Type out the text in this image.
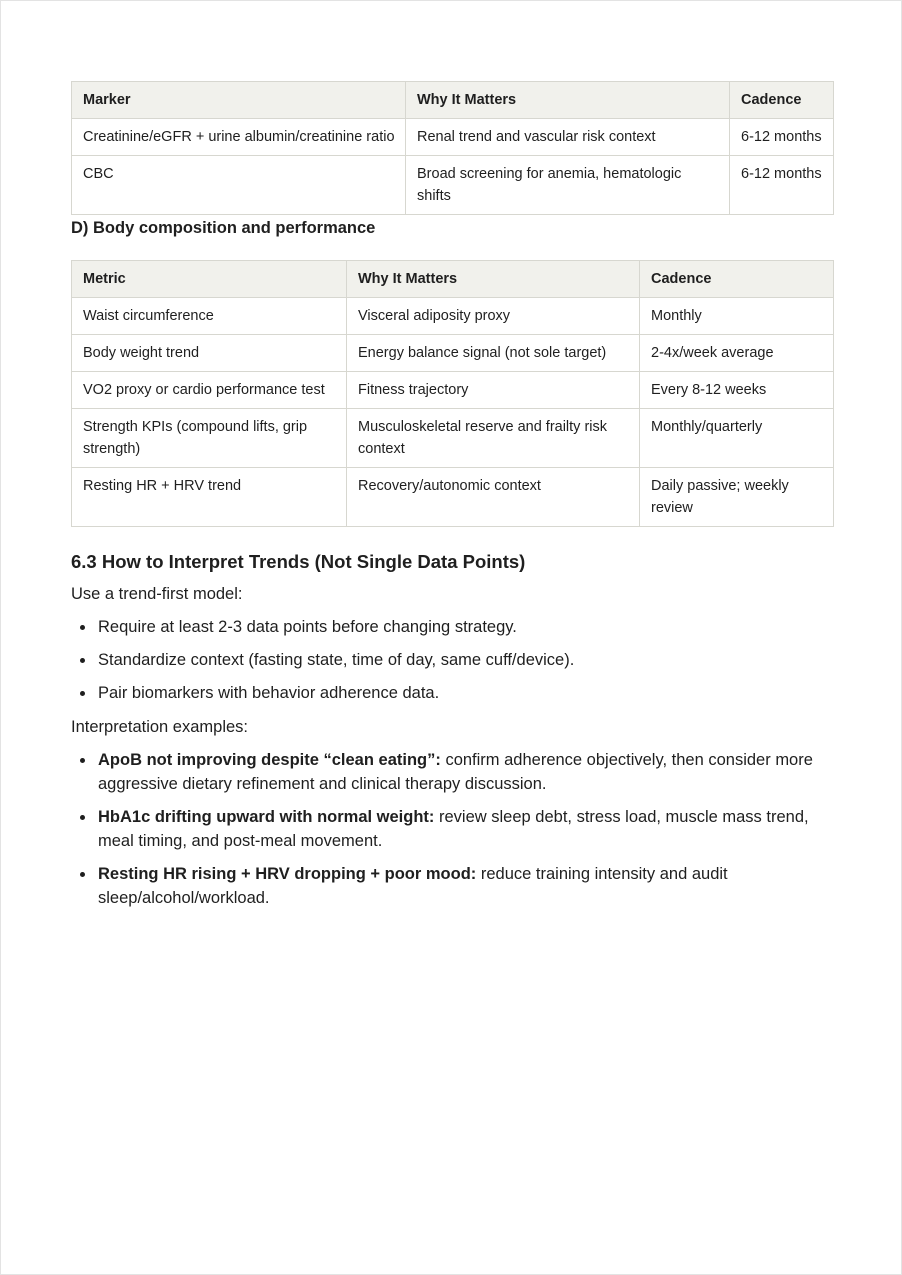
Marker	Why It Matters	Cadence
Creatinine/eGFR + urine albumin/creatinine ratio	Renal trend and vascular risk context	6-12 months
CBC	Broad screening for anemia, hematologic shifts	6-12 months
D) Body composition and performance
Metric	Why It Matters	Cadence
Waist circumference	Visceral adiposity proxy	Monthly
Body weight trend	Energy balance signal (not sole target)	2-4x/week average
VO2 proxy or cardio performance test	Fitness trajectory	Every 8-12 weeks
Strength KPIs (compound lifts, grip strength)	Musculoskeletal reserve and frailty risk context	Monthly/quarterly
Resting HR + HRV trend	Recovery/autonomic context	Daily passive; weekly review
6.3 How to Interpret Trends (Not Single Data Points)

Use a trend-first model:

Require at least 2-3 data points before changing strategy.
Standardize context (fasting state, time of day, same cuff/device).
Pair biomarkers with behavior adherence data.

Interpretation examples:

ApoB not improving despite “clean eating”: confirm adherence objectively, then consider more aggressive dietary refinement and clinical therapy discussion.
HbA1c drifting upward with normal weight: review sleep debt, stress load, muscle mass trend, meal timing, and post-meal movement.
Resting HR rising + HRV dropping + poor mood: reduce training intensity and audit sleep/alcohol/workload.
